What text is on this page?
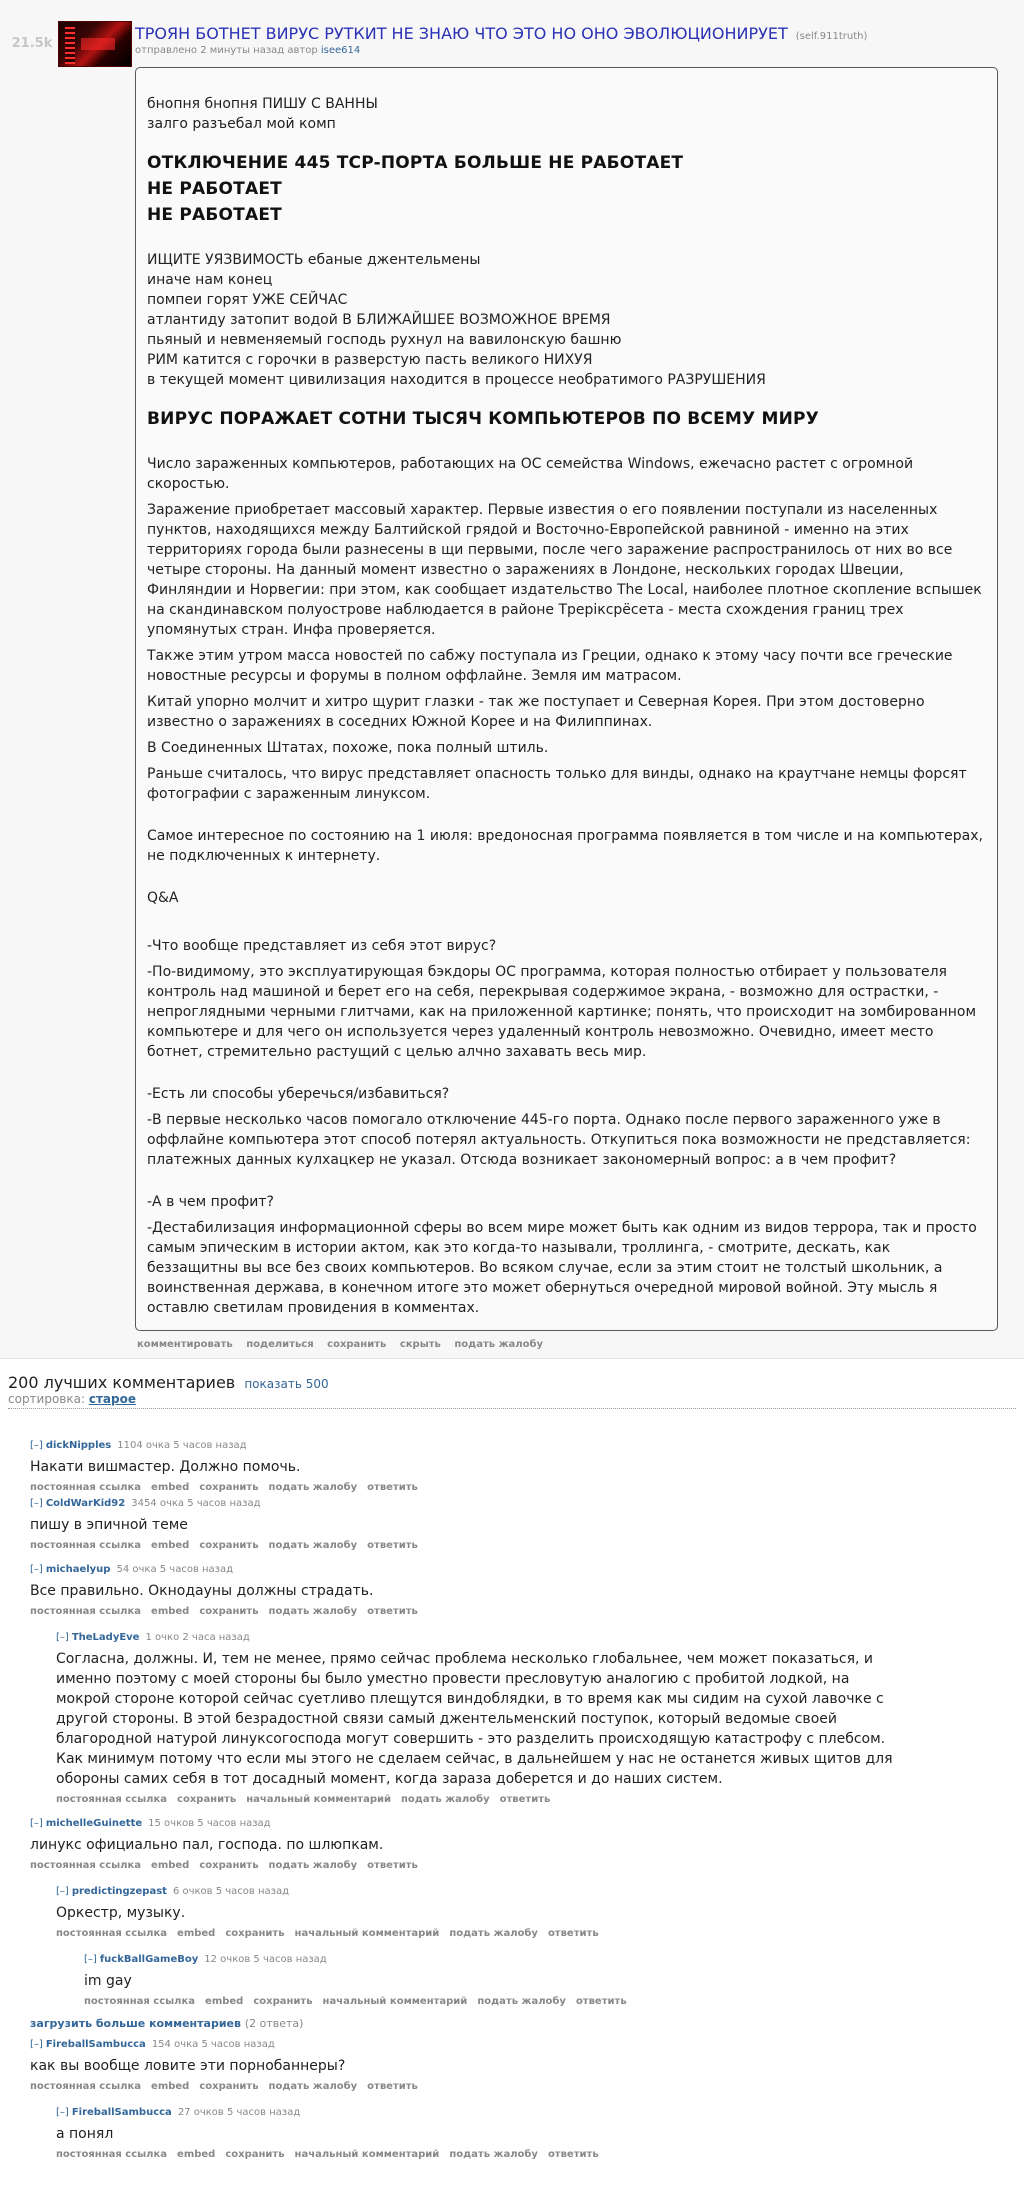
21.5k
ТРОЯН БОТНЕТ ВИРУС РУТКИТ НЕ ЗНАЮ ЧТО ЭТО НО ОНО ЭВОЛЮЦИОНИРУЕТ (self.911truth)
отправлено 2 минуты назад автор isee614

бнопня бнопня ПИШУ С ВАННЫ

залго разъебал мой комп

ОТКЛЮЧЕНИЕ 445 TCP-ПОРТА БОЛЬШЕ НЕ РАБОТАЕТ
НЕ РАБОТАЕТ
НЕ РАБОТАЕТ

ИЩИТЕ УЯЗВИМОСТЬ ебаные джентельмены

иначе нам конец

помпеи горят УЖЕ СЕЙЧАС

атлантиду затопит водой В БЛИЖАЙШЕЕ ВОЗМОЖНОЕ ВРЕМЯ

пьяный и невменяемый господь рухнул на вавилонскую башню

РИМ катится с горочки в разверстую пасть великого НИХУЯ

в текущей момент цивилизация находится в процессе необратимого РАЗРУШЕНИЯ

ВИРУС ПОРАЖАЕТ СОТНИ ТЫСЯЧ КОМПЬЮТЕРОВ ПО ВСЕМУ МИРУ

Число зараженных компьютеров, работающих на ОС семейства Windows, ежечасно растет с огромной скоростью.

Заражение приобретает массовый характер. Первые известия о его появлении поступали из населенных пунктов, находящихся между Балтийской грядой и Восточно-Европейской равниной - именно на этих территориях города были разнесены в щи первыми, после чего заражение распространилось от них во все четыре стороны. На данный момент известно о заражениях в Лондоне, нескольких городах Швеции, Финляндии и Норвегии: при этом, как сообщает издательство The Local, наиболее плотное скопление вспышек на скандинавском полуострове наблюдается в районе Треріксрёсета - места схождения границ трех упомянутых стран. Инфа проверяется.

Также этим утром масса новостей по сабжу поступала из Греции, однако к этому часу почти все греческие новостные ресурсы и форумы в полном оффлайне. Земля им матрасом.

Китай упорно молчит и хитро щурит глазки - так же поступает и Северная Корея. При этом достоверно известно о заражениях в соседних Южной Корее и на Филиппинах.

В Соединенных Штатах, похоже, пока полный штиль.

Раньше считалось, что вирус представляет опасность только для винды, однако на краутчане немцы форсят фотографии с зараженным линуксом.

Самое интересное по состоянию на 1 июля: вредоносная программа появляется в том числе и на компьютерах, не подключенных к интернету.

Q&A

-Что вообще представляет из себя этот вирус?

-По-видимому, это эксплуатирующая бэкдоры ОС программа, которая полностью отбирает у пользователя контроль над машиной и берет его на себя, перекрывая содержимое экрана, - возможно для острастки, - непроглядными черными глитчами, как на приложенной картинке; понять, что происходит на зомбированном компьютере и для чего он используется через удаленный контроль невозможно. Очевидно, имеет место ботнет, стремительно растущий с целью алчно захавать весь мир.

-Есть ли способы уберечься/избавиться?

-В первые несколько часов помогало отключение 445-го порта. Однако после первого зараженного уже в оффлайне компьютера этот способ потерял актуальность. Откупиться пока возможности не представляется: платежных данных кулхацкер не указал. Отсюда возникает закономерный вопрос: а в чем профит?

-А в чем профит?

-Дестабилизация информационной сферы во всем мире может быть как одним из видов террора, так и просто самым эпическим в истории актом, как это когда-то называли, троллинга, - смотрите, дескать, как беззащитны вы все без своих компьютеров. Во всяком случае, если за этим стоит не толстый школьник, а воинственная держава, в конечном итоге это может обернуться очередной мировой войной. Эту мысль я оставлю светилам провидения в комментах.

комментировать поделиться сохранить скрыть подать жалобу
200 лучших комментариев показать 500
сортировка: старое
[–] dickNipples 1104 очка 5 часов назад
Накати вишмастер. Должно помочь.
постоянная ссылка embed сохранить подать жалобу ответить
[–] ColdWarKid92 3454 очка 5 часов назад
пишу в эпичной теме
постоянная ссылка embed сохранить подать жалобу ответить
[–] michaelyup 54 очка 5 часов назад
Все правильно. Окнодауны должны страдать.
постоянная ссылка embed сохранить подать жалобу ответить
[–] TheLadyEve 1 очко 2 часа назад
Согласна, должны. И, тем не менее, прямо сейчас проблема несколько глобальнее, чем может показаться, и именно поэтому с моей стороны бы было уместно провести пресловутую аналогию с пробитой лодкой, на мокрой стороне которой сейчас суетливо плещутся виндоблядки, в то время как мы сидим на сухой лавочке с другой стороны. В этой безрадостной связи самый джентельменский поступок, который ведомые своей благородной натурой линуксогоспода могут совершить - это разделить происходящую катастрофу с плебсом. Как минимум потому что если мы этого не сделаем сейчас, в дальнейшем у нас не останется живых щитов для обороны самих себя в тот досадный момент, когда зараза доберется и до наших систем.
постоянная ссылка сохранить начальный комментарий подать жалобу ответить
[–] michelleGuinette 15 очков 5 часов назад
линукс официально пал, господа. по шлюпкам.
постоянная ссылка embed сохранить подать жалобу ответить
[–] predictingzepast 6 очков 5 часов назад
Оркестр, музыку.
постоянная ссылка embed сохранить начальный комментарий подать жалобу ответить
[–] fuckBallGameBoy 12 очков 5 часов назад
im gay
постоянная ссылка embed сохранить начальный комментарий подать жалобу ответить
загрузить больше комментариев (2 ответа)
[–] FireballSambucca 154 очка 5 часов назад
как вы вообще ловите эти порнобаннеры?
постоянная ссылка embed сохранить подать жалобу ответить
[–] FireballSambucca 27 очков 5 часов назад
а понял
постоянная ссылка embed сохранить начальный комментарий подать жалобу ответить
